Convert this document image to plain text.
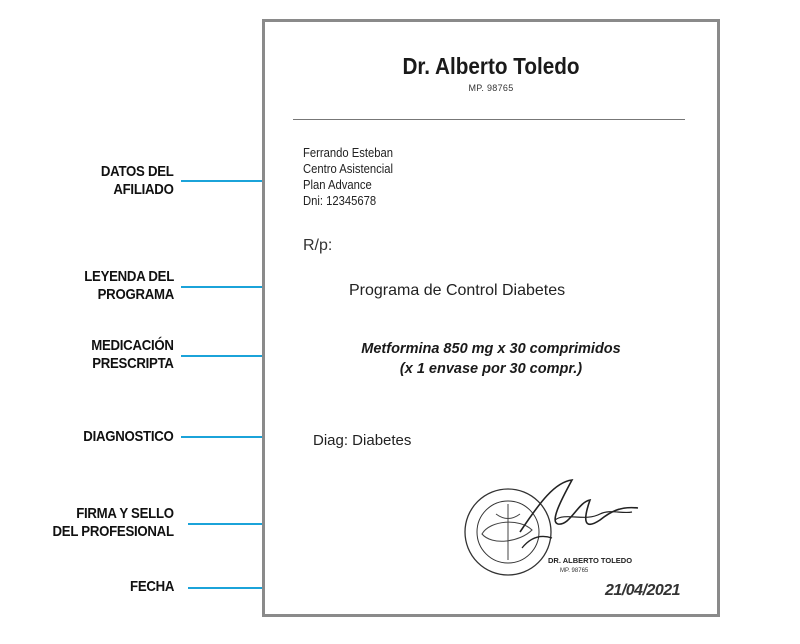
DATOS DEL
AFILIADO
LEYENDA DEL
PROGRAMA
MEDICACIÓN
PRESCRIPTA
DIAGNOSTICO
FIRMA Y SELLO
DEL PROFESIONAL
FECHA
Dr. Alberto Toledo
MP. 98765
Ferrando Esteban
Centro Asistencial
Plan Advance
Dni: 12345678
R/p:
Programa de Control Diabetes
Metformina 850 mg x 30 comprimidos
(x 1 envase por 30 compr.)
Diag: Diabetes
DR. ALBERTO TOLEDO
MP. 98765
21/04/2021
